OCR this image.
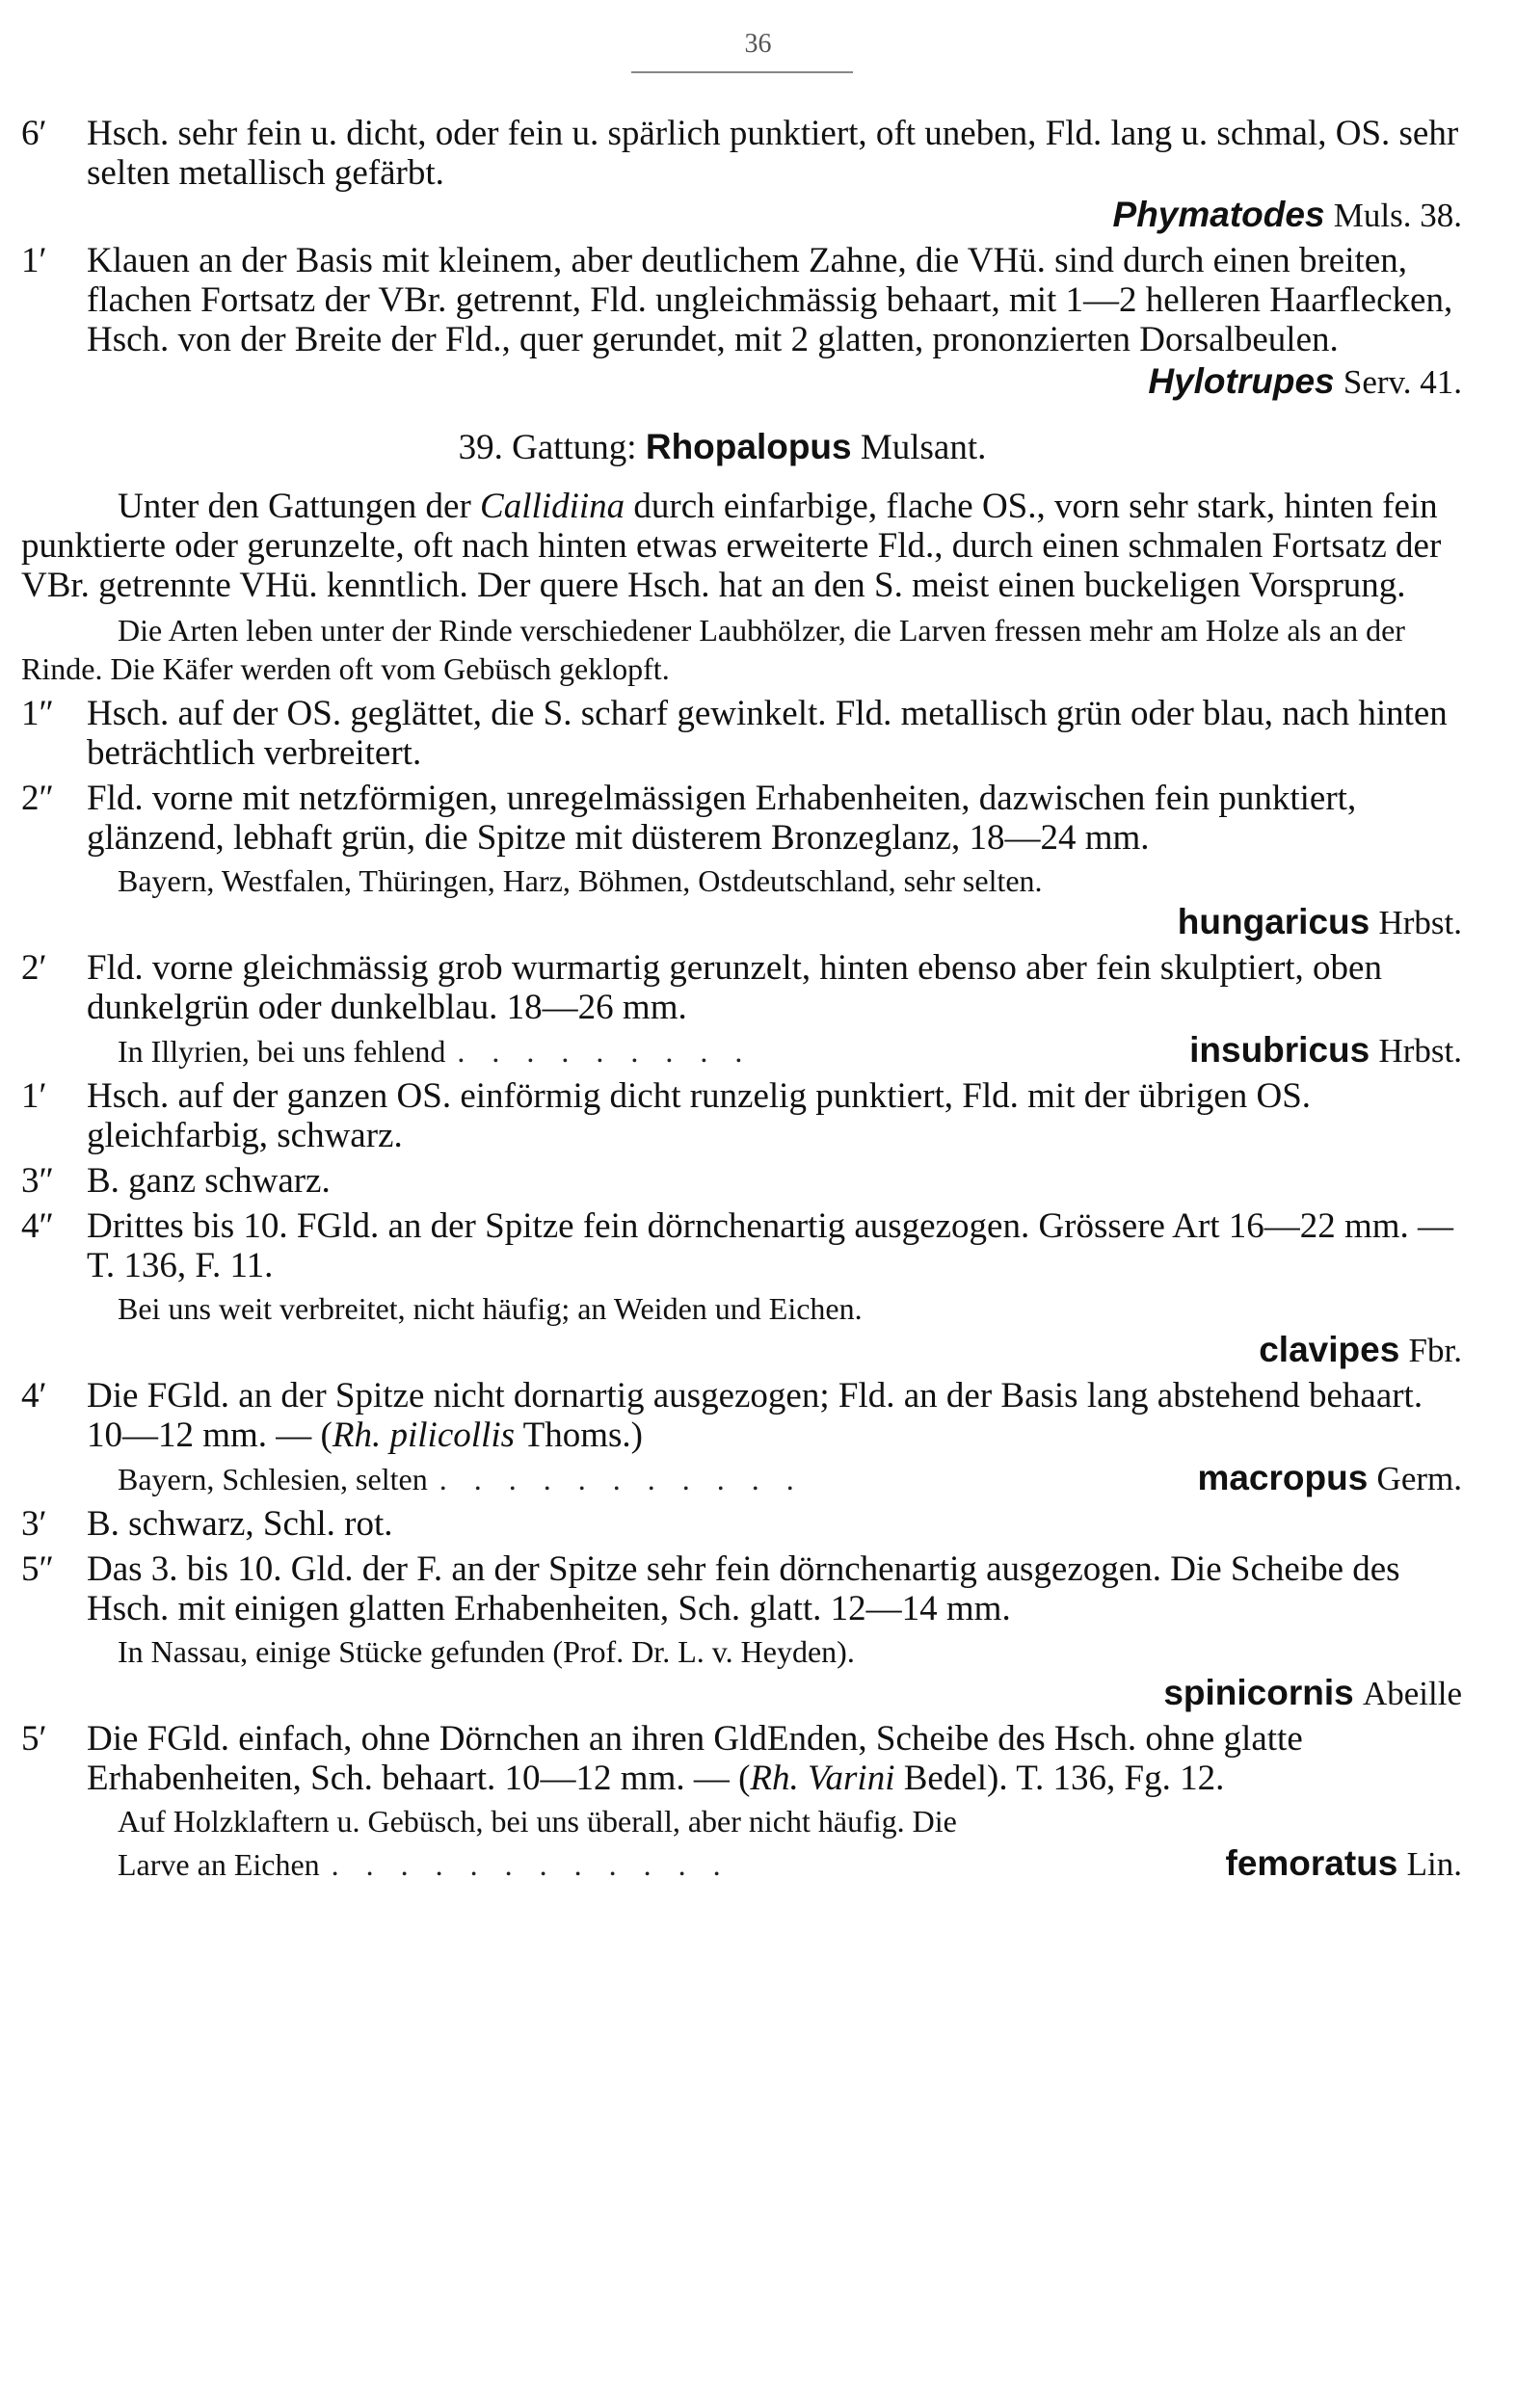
36
6′	Hsch. sehr fein u. dicht, oder fein u. spärlich punktiert, oft uneben, Fld. lang u. schmal, OS. sehr selten metallisch gefärbt.
Phymatodes Muls. 38.
1′	Klauen an der Basis mit kleinem, aber deutlichem Zahne, die VHü. sind durch einen breiten, flachen Fortsatz der VBr. getrennt, Fld. ungleichmässig behaart, mit 1—2 helleren Haarflecken, Hsch. von der Breite der Fld., quer gerundet, mit 2 glatten, prononzierten Dorsalbeulen.
Hylotrupes Serv. 41.
39. Gattung: Rhopalopus Mulsant.
Unter den Gattungen der Callidiina durch einfarbige, flache OS., vorn sehr stark, hinten fein punktierte oder gerunzelte, oft nach hinten etwas erweiterte Fld., durch einen schmalen Fortsatz der VBr. getrennte VHü. kenntlich. Der quere Hsch. hat an den S. meist einen buckeligen Vorsprung.
Die Arten leben unter der Rinde verschiedener Laubhölzer, die Larven fressen mehr am Holze als an der Rinde. Die Käfer werden oft vom Gebüsch geklopft.
1″ Hsch. auf der OS. geglättet, die S. scharf gewinkelt. Fld. metallisch grün oder blau, nach hinten beträchtlich verbreitert.
2″ Fld. vorne mit netzförmigen, unregelmässigen Erhabenheiten, dazwischen fein punktiert, glänzend, lebhaft grün, die Spitze mit düsterem Bronzeglanz, 18—24 mm.
Bayern, Westfalen, Thüringen, Harz, Böhmen, Ostdeutschland, sehr selten.
hungaricus Hrbst.
2′	Fld. vorne gleichmässig grob wurmartig gerunzelt, hinten ebenso aber fein skulptiert, oben dunkelgrün oder dunkelblau. 18—26 mm.
In Illyrien, bei uns fehlend . . . . . . . . .	insubricus Hrbst.
1′	Hsch. auf der ganzen OS. einförmig dicht runzelig punktiert, Fld. mit der übrigen OS. gleichfarbig, schwarz.
3″ B. ganz schwarz.
4″ Drittes bis 10. FGld. an der Spitze fein dörnchenartig ausgezogen. Grössere Art 16—22 mm. — T. 136, F. 11.
Bei uns weit verbreitet, nicht häufig; an Weiden und Eichen.
clavipes Fbr.
4′	Die FGld. an der Spitze nicht dornartig ausgezogen; Fld. an der Basis lang abstehend behaart. 10—12 mm. — (Rh. pilicollis Thoms.)
Bayern, Schlesien, selten . . . . . . . . . . .	macropus Germ.
3′	B. schwarz, Schl. rot.
5″ Das 3. bis 10. Gld. der F. an der Spitze sehr fein dörnchenartig ausgezogen. Die Scheibe des Hsch. mit einigen glatten Erhabenheiten, Sch. glatt. 12—14 mm.
In Nassau, einige Stücke gefunden (Prof. Dr. L. v. Heyden).
spinicornis Abeille
5′	Die FGld. einfach, ohne Dörnchen an ihren GldEnden, Scheibe des Hsch. ohne glatte Erhabenheiten, Sch. behaart. 10—12 mm. — (Rh. Varini Bedel). T. 136, Fg. 12.
Auf Holzklaftern u. Gebüsch, bei uns überall, aber nicht häufig. Die
Larve an Eichen . . . . . . . . . . . .	femoratus Lin.
